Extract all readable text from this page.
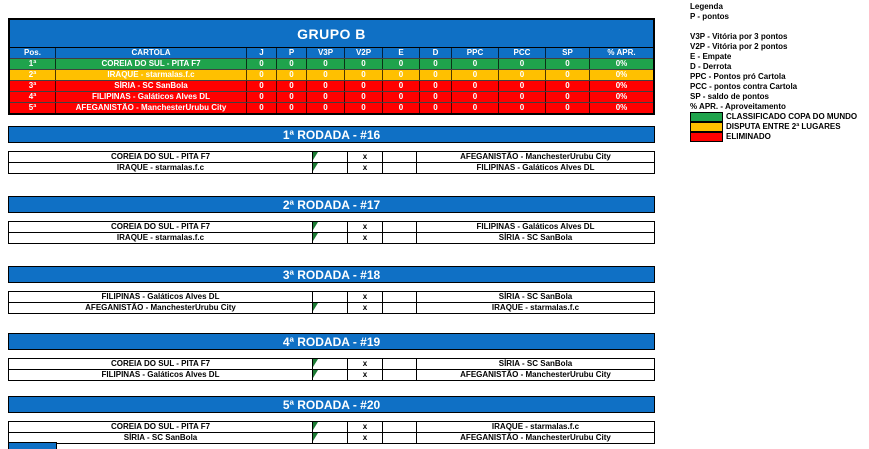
GRUPO B
Pos.	CARTOLA	J	P	V3P	V2P	E	D	PPC	PCC	SP	% APR.
1ª	COREIA DO SUL - PITA F7	0	0	0	0	0	0	0	0	0	0%
2ª	IRAQUE - starmalas.f.c	0	0	0	0	0	0	0	0	0	0%
3ª	SÍRIA - SC SanBola	0	0	0	0	0	0	0	0	0	0%
4ª	FILIPINAS - Galáticos Alves DL	0	0	0	0	0	0	0	0	0	0%
5ª	AFEGANISTÃO - ManchesterUrubu City	0	0	0	0	0	0	0	0	0	0%
Legenda
P - pontos
V3P - Vitória por 3 pontos
V2P - Vitória por 2 pontos
E - Empate
D - Derrota
PPC - Pontos pró Cartola
PCC - pontos contra Cartola
SP - saldo de pontos
% APR. - Aproveitamento
CLASSIFICADO COPA DO MUNDO
DISPUTA ENTRE 2ª LUGARES
ELIMINADO
1ª RODADA - #16
COREIA DO SUL - PITA F7	x	AFEGANISTÃO - ManchesterUrubu City
IRAQUE - starmalas.f.c	x	FILIPINAS - Galáticos Alves DL
2ª RODADA - #17
COREIA DO SUL - PITA F7	x	FILIPINAS - Galáticos Alves DL
IRAQUE - starmalas.f.c	x	SÍRIA - SC SanBola
3ª RODADA - #18
FILIPINAS - Galáticos Alves DL	x	SÍRIA - SC SanBola
AFEGANISTÃO - ManchesterUrubu City	x	IRAQUE - starmalas.f.c
4ª RODADA - #19
COREIA DO SUL - PITA F7	x	SÍRIA - SC SanBola
FILIPINAS - Galáticos Alves DL	x	AFEGANISTÃO - ManchesterUrubu City
5ª RODADA - #20
COREIA DO SUL - PITA F7	x	IRAQUE - starmalas.f.c
SÍRIA - SC SanBola	x	AFEGANISTÃO - ManchesterUrubu City
